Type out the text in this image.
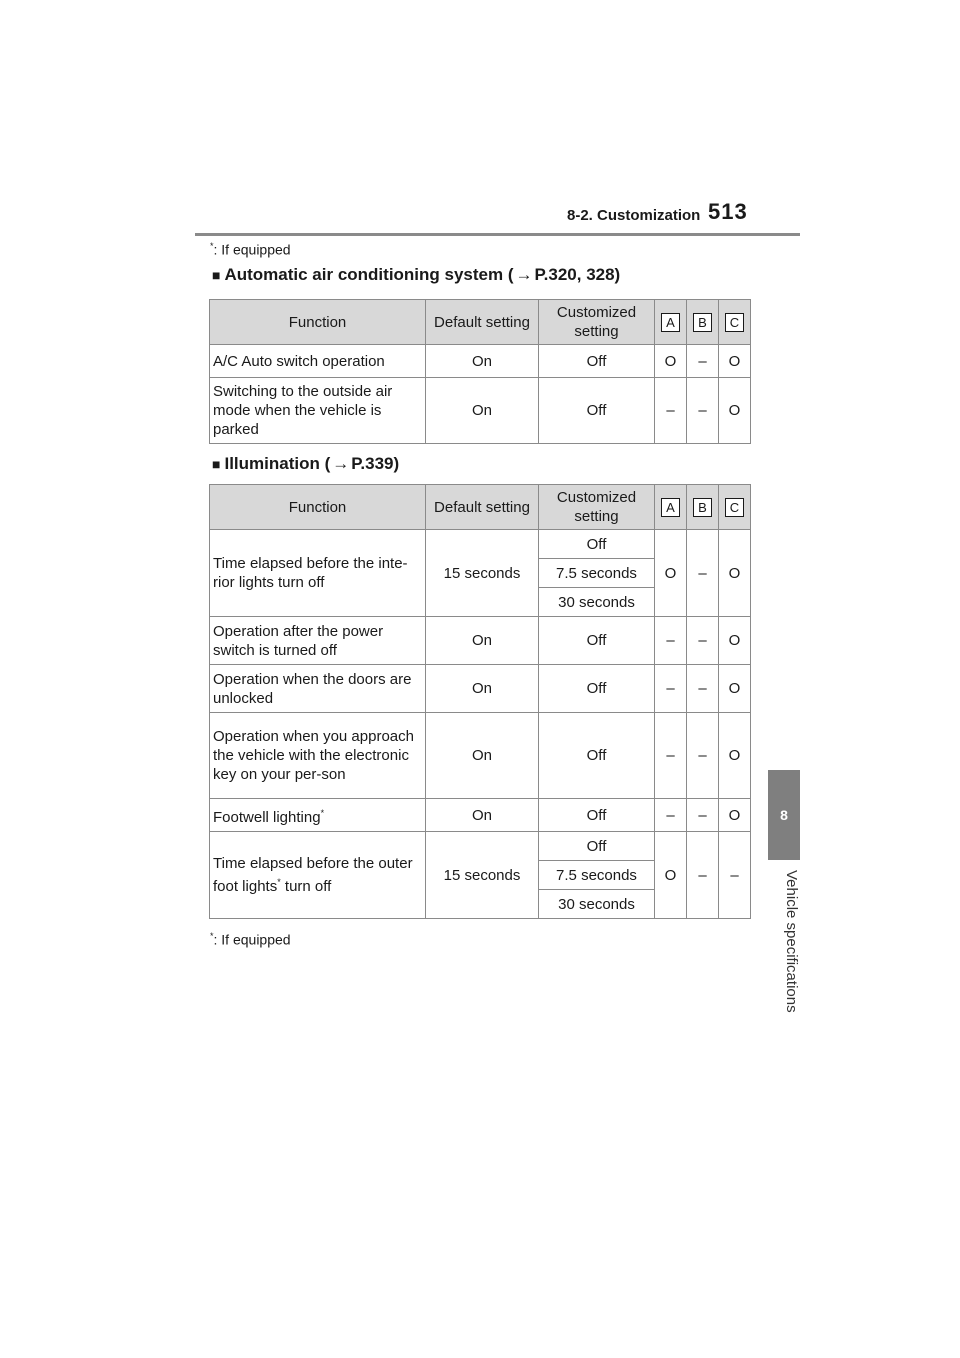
8-2. Customization 513
8
Vehicle specifications
*: If equipped
■ Automatic air conditioning system ( → P.320, 328)
Function	Default setting	Customized setting	A	B	C
A/C Auto switch operation	On	Off	O	–	O
Switching to the outside air mode when the vehicle is parked	On	Off	–	–	O
■ Illumination ( → P.339)
Function	Default setting	Customized setting	A	B	C
Time elapsed before the inte-rior lights turn off	15 seconds	Off	O	–	O
		7.5 seconds			
		30 seconds			
Operation after the power switch is turned off	On	Off	–	–	O
Operation when the doors are unlocked	On	Off	–	–	O
Operation when you approach the vehicle with the electronic key on your per-son	On	Off	–	–	O
Footwell lighting*	On	Off	–	–	O
Time elapsed before the outer foot lights* turn off	15 seconds	Off	O	–	–
		7.5 seconds			
		30 seconds			
*: If equipped
